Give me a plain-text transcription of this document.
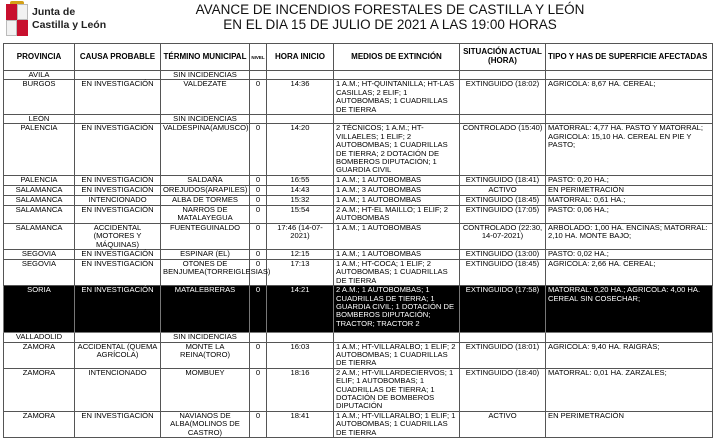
Junta de
Castilla y León
AVANCE DE INCENDIOS FORESTALES DE CASTILLA Y LEÓN
EN EL DIA 15 DE JULIO DE 2021 A LAS 19:00 HORAS
PROVINCIA	CAUSA PROBABLE	TÉRMINO MUNICIPAL	NIVEL	HORA INICIO	MEDIOS DE EXTINCIÓN	SITUACIÓN ACTUAL (HORA)	TIPO Y HAS DE SUPERFICIE AFECTADAS
AVILA		SIN INCIDENCIAS					
BURGOS	EN INVESTIGACIÓN	VALDEZATE	0	14:36	1 A.M.; HT-QUINTANILLA; HT-LAS CASILLAS; 2 ELIF; 1 AUTOBOMBAS; 1 CUADRILLAS DE TIERRA	EXTINGUIDO (18:02)	AGRICOLA: 8,67 HA. CEREAL;
LEÓN		SIN INCIDENCIAS					
PALENCIA	EN INVESTIGACIÓN	VALDESPINA(AMUSCO)	0	14:20	2 TÉCNICOS; 1 A.M.; HT-VILLAELES; 1 ELIF; 2 AUTOBOMBAS; 1 CUADRILLAS DE TIERRA; 2 DOTACIÓN DE BOMBEROS DIPUTACIÓN; 1 GUARDIA CIVIL	CONTROLADO (15:40)	MATORRAL: 4,77 HA. PASTO Y MATORRAL; AGRICOLA: 15,10 HA. CEREAL EN PIE Y PASTO;
PALENCIA	EN INVESTIGACIÓN	SALDAÑA	0	16:55	1 A.M.; 1 AUTOBOMBAS	EXTINGUIDO (18:41)	PASTO: 0,20 HA.;
SALAMANCA	EN INVESTIGACIÓN	OREJUDOS(ARAPILES)	0	14:43	1 A.M.; 3 AUTOBOMBAS	ACTIVO	EN PERIMETRACIÓN
SALAMANCA	INTENCIONADO	ALBA DE TORMES	0	15:32	1 A.M.; 1 AUTOBOMBAS	EXTINGUIDO (18:45)	MATORRAL: 0,61 HA.;
SALAMANCA	EN INVESTIGACIÓN	NARROS DE MATALAYEGUA	0	15:54	2 A.M.; HT-EL MAILLO; 1 ELIF; 2 AUTOBOMBAS	EXTINGUIDO (17:05)	PASTO: 0,06 HA.;
SALAMANCA	ACCIDENTAL (MOTORES Y MÁQUINAS)	FUENTEGUINALDO	0	17:46 (14-07-2021)	1 A.M.; 1 AUTOBOMBAS	CONTROLADO (22:30, 14-07-2021)	ARBOLADO: 1,00 HA. ENCINAS; MATORRAL: 2,10 HA. MONTE BAJO;
SEGOVIA	EN INVESTIGACIÓN	ESPINAR (EL)	0	12:15	1 A.M.; 1 AUTOBOMBAS	EXTINGUIDO (13:00)	PASTO: 0,02 HA.;
SEGOVIA	EN INVESTIGACIÓN	OTONES DE BENJUMEA(TORREIGLESIAS)	0	17:13	1 A.M.; HT-COCA; 1 ELIF; 2 AUTOBOMBAS; 1 CUADRILLAS DE TIERRA	EXTINGUIDO (18:45)	AGRICOLA: 2,66 HA. CEREAL;
SORIA	EN INVESTIGACIÓN	MATALEBRERAS	0	14:21	2 A.M.; 1 AUTOBOMBAS; 1 CUADRILLAS DE TIERRA; 1 GUARDIA CIVIL; 1 DOTACIÓN DE BOMBEROS DIPUTACIÓN; TRACTOR; TRACTOR 2	EXTINGUIDO (17:58)	MATORRAL: 0,20 HA.; AGRICOLA: 4,00 HA. CEREAL SIN COSECHAR;
VALLADOLID		SIN INCIDENCIAS					
ZAMORA	ACCIDENTAL (QUEMA AGRÍCOLA)	MONTE LA REINA(TORO)	0	16:03	1 A.M.; HT-VILLARALBO; 1 ELIF; 2 AUTOBOMBAS; 1 CUADRILLAS DE TIERRA	EXTINGUIDO (18:01)	AGRICOLA: 9,40 HA. RAIGRÁS;
ZAMORA	INTENCIONADO	MOMBUEY	0	18:16	2 A.M.; HT-VILLARDECIERVOS; 1 ELIF; 1 AUTOBOMBAS; 1 CUADRILLAS DE TIERRA; 1 DOTACIÓN DE BOMBEROS DIPUTACIÓN	EXTINGUIDO (18:40)	MATORRAL: 0,01 HA. ZARZALES;
ZAMORA	EN INVESTIGACIÓN	NAVIANOS DE ALBA(MOLINOS DE CASTRO)	0	18:41	1 A.M.; HT-VILLARALBO; 1 ELIF; 1 AUTOBOMBAS; 1 CUADRILLAS DE TIERRA	ACTIVO	EN PERIMETRACIÓN
